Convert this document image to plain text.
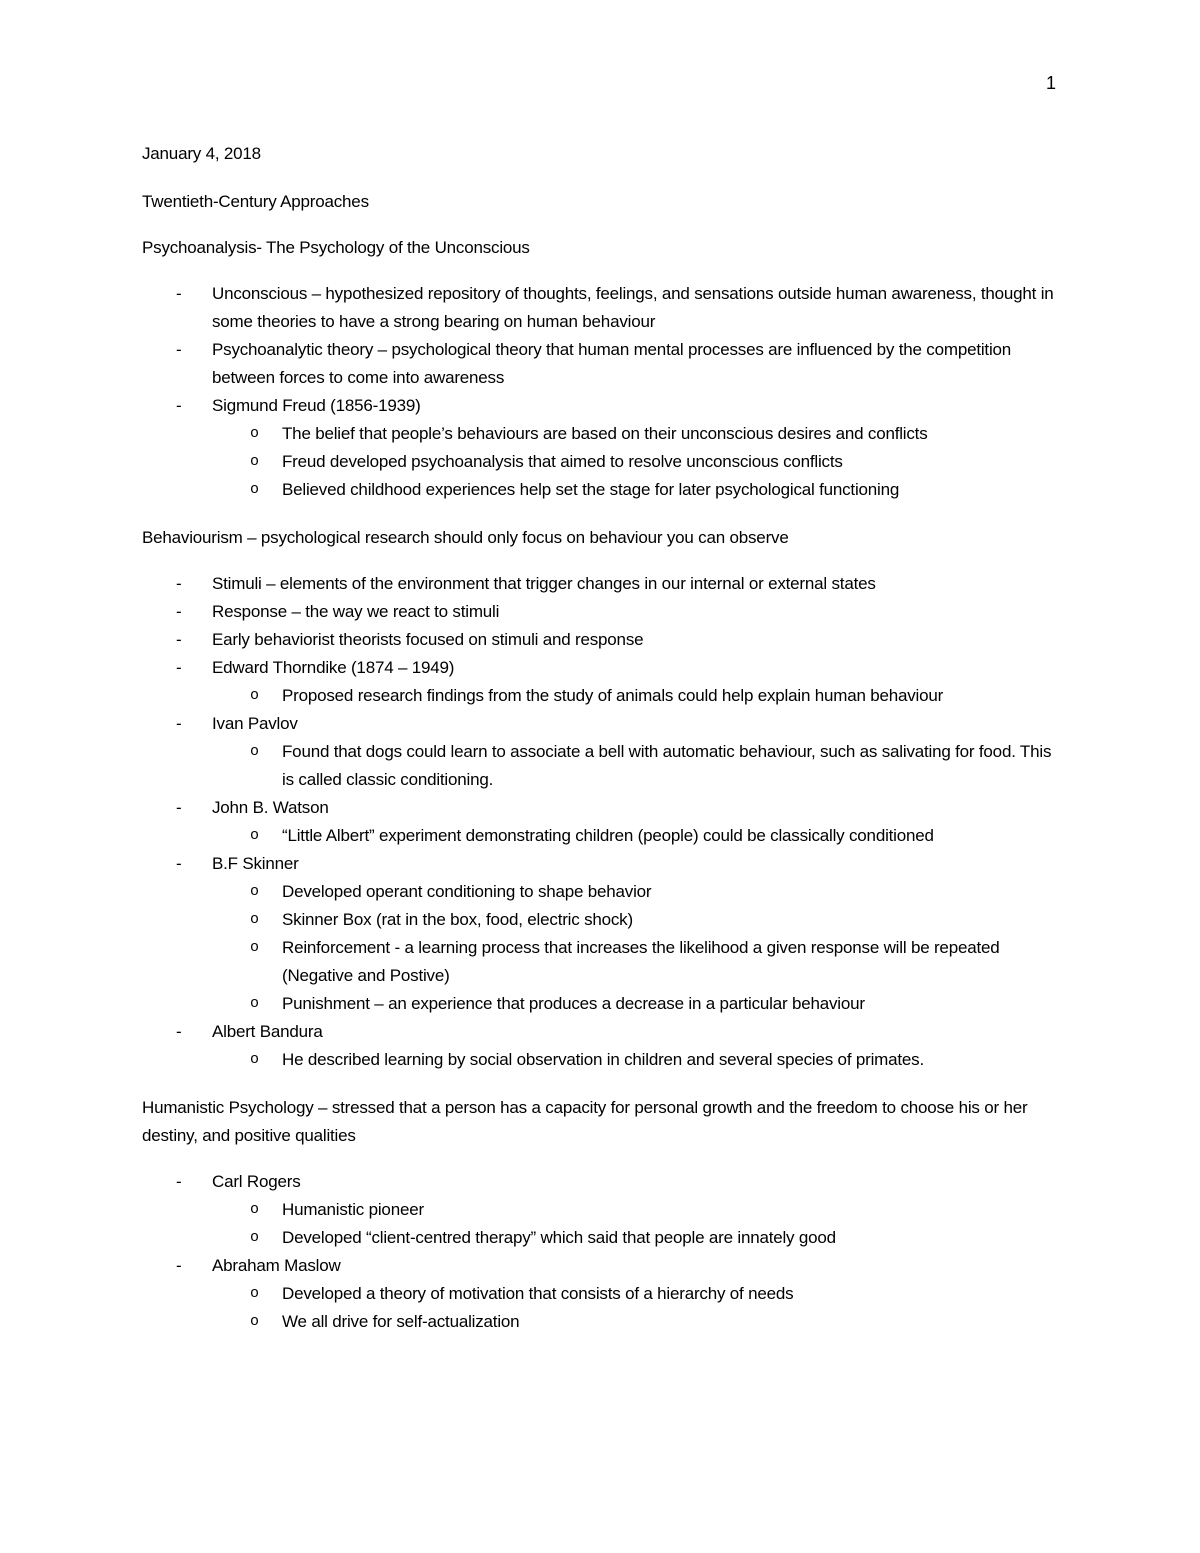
1
January 4, 2018
Twentieth-Century Approaches
Psychoanalysis- The Psychology of the Unconscious
- Unconscious – hypothesized repository of thoughts, feelings, and sensations outside human awareness, thought in some theories to have a strong bearing on human behaviour
- Psychoanalytic theory – psychological theory that human mental processes are influenced by the competition between forces to come into awareness
- Sigmund Freud (1856-1939)
o The belief that people’s behaviours are based on their unconscious desires and conflicts
o Freud developed psychoanalysis that aimed to resolve unconscious conflicts
o Believed childhood experiences help set the stage for later psychological functioning
Behaviourism – psychological research should only focus on behaviour you can observe
- Stimuli – elements of the environment that trigger changes in our internal or external states
- Response – the way we react to stimuli
- Early behaviorist theorists focused on stimuli and response
- Edward Thorndike (1874 – 1949)
o Proposed research findings from the study of animals could help explain human behaviour
- Ivan Pavlov
o Found that dogs could learn to associate a bell with automatic behaviour, such as salivating for food. This is called classic conditioning.
- John B. Watson
o “Little Albert” experiment demonstrating children (people) could be classically conditioned
- B.F Skinner
o Developed operant conditioning to shape behavior
o Skinner Box (rat in the box, food, electric shock)
o Reinforcement - a learning process that increases the likelihood a given response will be repeated (Negative and Postive)
o Punishment – an experience that produces a decrease in a particular behaviour
- Albert Bandura
o He described learning by social observation in children and several species of primates.
Humanistic Psychology – stressed that a person has a capacity for personal growth and the freedom to choose his or her destiny, and positive qualities
- Carl Rogers
o Humanistic pioneer
o Developed “client-centred therapy” which said that people are innately good
- Abraham Maslow
o Developed a theory of motivation that consists of a hierarchy of needs
o We all drive for self-actualization
